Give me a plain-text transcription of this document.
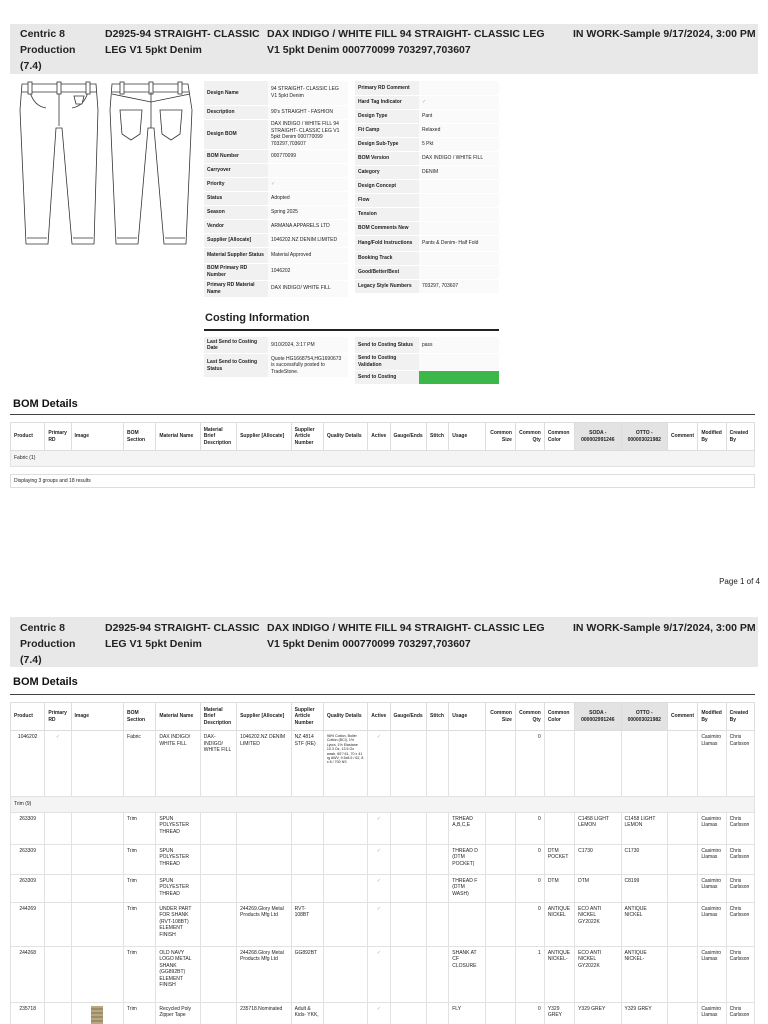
Centric 8 Production (7.4)
D2925-94 STRAIGHT- CLASSIC LEG V1 5pkt Denim
DAX INDIGO / WHITE FILL 94 STRAIGHT- CLASSIC LEG V1 5pkt Denim 000770099 703297,703607
IN WORK-Sample 9/17/2024, 3:00 PM
Design Name	94 STRAIGHT- CLASSIC LEG V1 5pkt Denim
Description	90's STRAIGHT - FASHION
Design BOM	DAX INDIGO / WHITE FILL 94 STRAIGHT- CLASSIC LEG V1 5pkt Denim 000770099 703297,703607
BOM Number	000770099
Carryover	
Priority	✓
Status	Adopted
Season	Spring 2025
Vendor	ARMANA APPARELS LTD
Supplier [Allocate]	1046202.NZ DENIM LIMITED
Material Supplier Status	Material Approved
BOM Primary RD Number	1046202
Primary RD Material Name	DAX INDIGO/ WHITE FILL
Primary RD Comment	
Hard Tag Indicator	✓
Design Type	Pant
Fit Camp	Relaxed
Design Sub-Type	5 Pkt
BOM Version	DAX INDIGO / WHITE FILL
Category	DENIM
Design Concept	
Flow	
Tension	
BOM Comments New	
Hang/Fold Instructions	Pants & Denim- Half Fold
Booking Track	
Good/Better/Best	
Legacy Style Numbers	703297, 703607
Costing Information
Last Send to Costing Date	9/10/2024, 3:17 PM
Last Send to Costing Status	Quote HG1668754,HG1690673 is successfully posted to TradeStone.
Send to Costing Status	pass
Send to Costing Validation	
Send to Costing	
BOM Details
Product	Primary RD	Image	BOM Section	Material Name	Material Brief Description	Supplier [Allocate]	Supplier Article Number	Quality Details	Active	Gauge/Ends	Stitch	Usage	Common Size	Common Qty	Common Color	SODA - 000002991246	OTTO - 000003021982	Comment	Modified By	Created By
Fabric (1)
Displaying 3 groups and 18 results
Page 1 of 4
Centric 8 Production (7.4)
D2925-94 STRAIGHT- CLASSIC LEG V1 5pkt Denim
DAX INDIGO / WHITE FILL 94 STRAIGHT- CLASSIC LEG V1 5pkt Denim 000770099 703297,703607
IN WORK-Sample 9/17/2024, 3:00 PM
BOM Details
Product	Primary RD	Image	BOM Section	Material Name	Material Brief Description	Supplier [Allocate]	Supplier Article Number	Quality Details	Active	Gauge/Ends	Stitch	Usage	Common Size	Common Qty	Common Color	SODA - 000002991246	OTTO - 000003021982	Comment	Modified By	Created By
1046202	✓		Fabric	DAX INDIGO/ WHITE FILL	DAX- INDIGO/ WHITE FILL	1046202.NZ DENIM LIMITED	NZ 4814 STF (RE)	98% Cotton, Boiler Cotton (BCI), 1% Lycra, 1% Elastane 10.3 Oz, 13.5 Oz wash, 60"/ 61, 70 x 41 rg AWV, 9.5x8.5 / 62, 8 x 8 / 700 NS	✓					0					Casimiro Llamas	Chris Carlsson
Trim (9)																				
263309			Trim	SPUN POLYESTER THREAD					✓			TRHEAD A,B,C,E		0		C1458 LIGHT LEMON	C1458 LIGHT LEMON		Casimiro Llamas	Chris Carlsson
263309			Trim	SPUN POLYESTER THREAD					✓			THREAD D (DTM POCKET)		0	DTM POCKET	C1730	C1730		Casimiro Llamas	Chris Carlsson
263309			Trim	SPUN POLYESTER THREAD					✓			THREAD F (DTM WASH)		0	DTM	DTM	C8199		Casimiro Llamas	Chris Carlsson
244269			Trim	UNDER PART FOR SHANK (RVT-108BT) ELEMENT FINISH		244269.Glory Metal Products Mfg Ltd	RVT-108BT		✓					0	ANTIQUE NICKEL	ECO ANTI NICKEL GY2022K	ANTIQUE NICKEL		Casimiro Llamas	Chris Carlsson
244268			Trim	OLD NAVY LOGO METAL SHANK (GG892BT) ELEMENT FINISH		244268.Glory Metal Products Mfg Ltd	GG892BT		✓			SHANK AT CF CLOSURE		1	ANTIQUE NICKEL-	ECO ANTI NICKEL GY2022K	ANTIQUE NICKEL-		Casimiro Llamas	Chris Carlsson
235718			Trim	Recycled Poly Zipper Tape		235718.Nominated	Adult & Kids- YKK,		✓			FLY		0	Y329 GREY	Y329 GREY	Y329 GREY		Casimiro Llamas	Chris Carlsson
